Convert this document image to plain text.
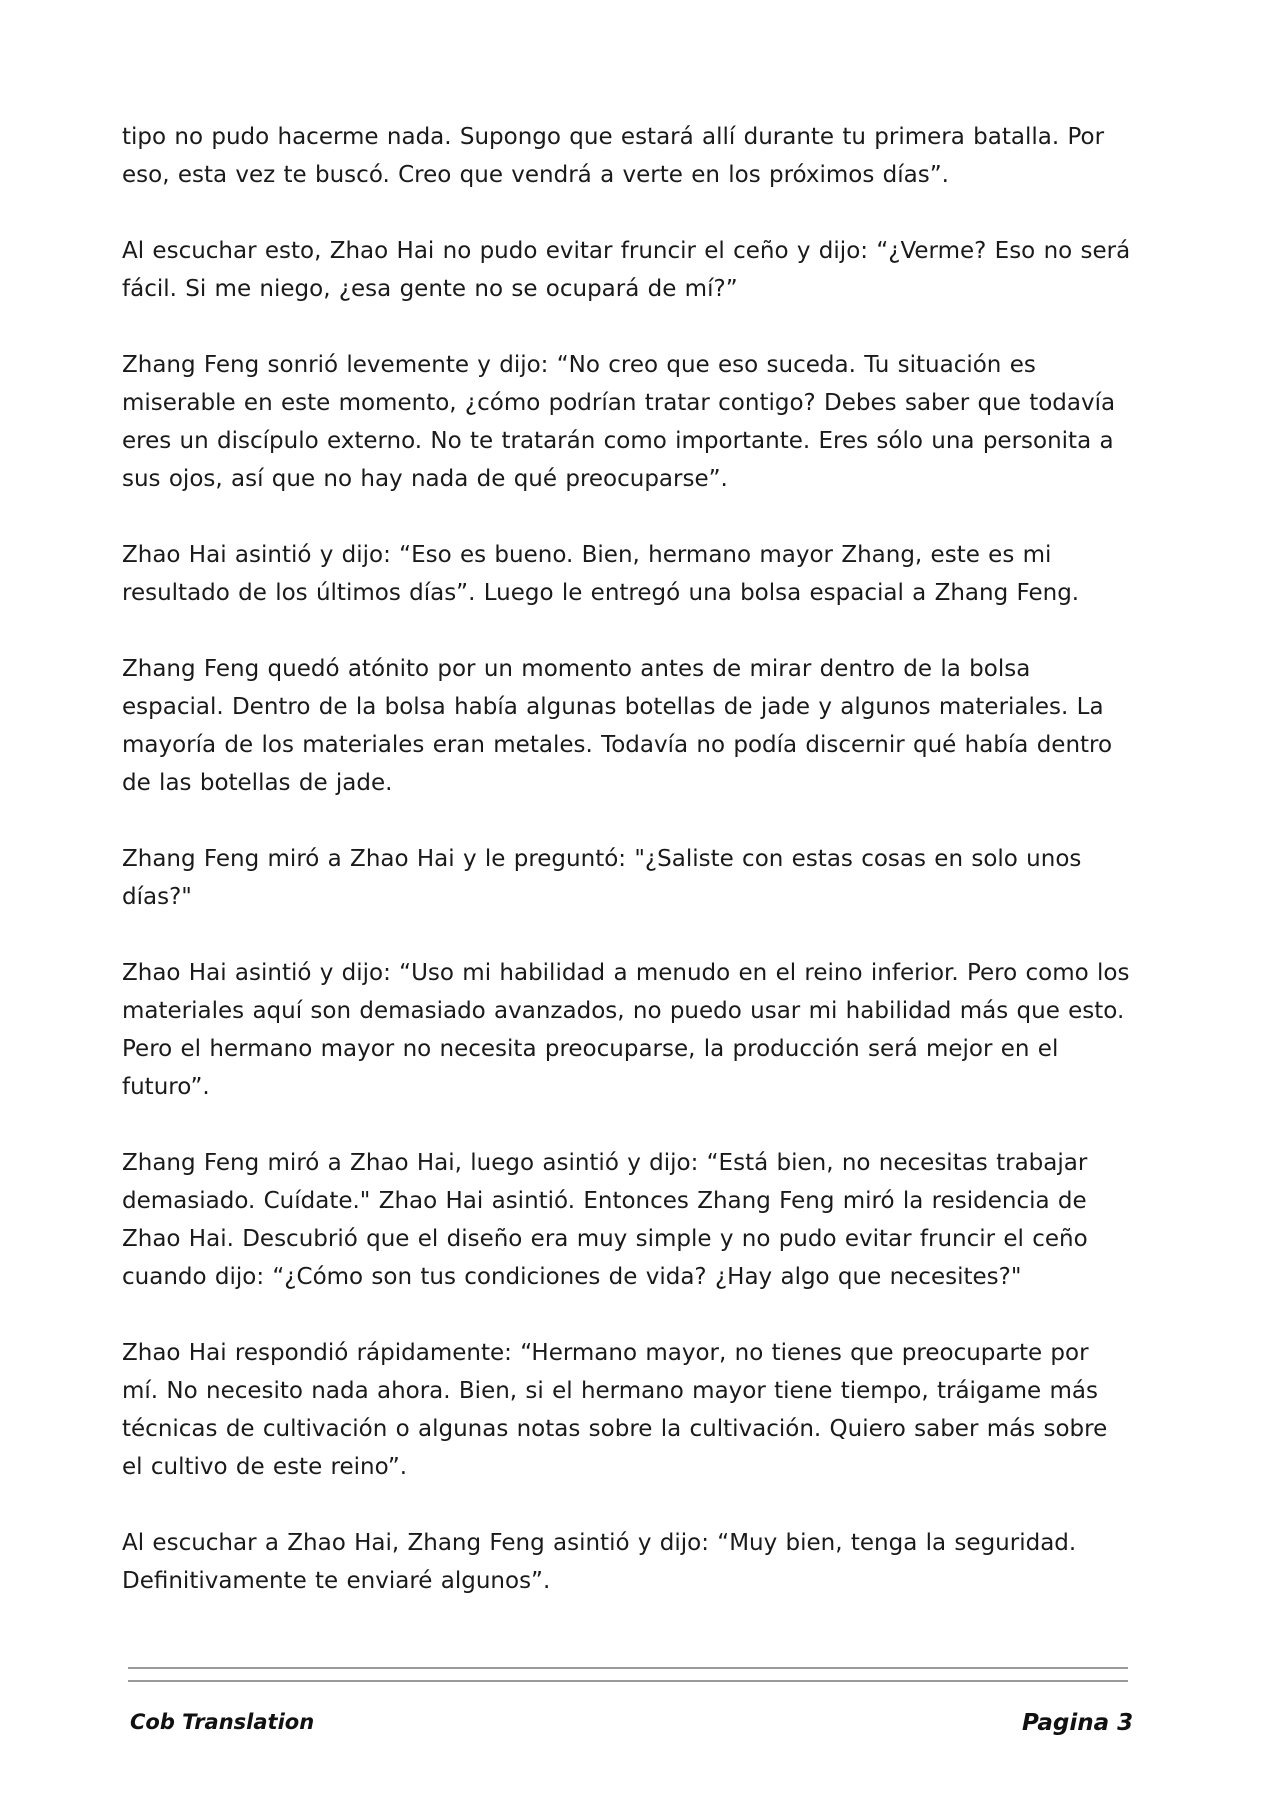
tipo no pudo hacerme nada. Supongo que estará allí durante tu primera batalla. Por eso, esta vez te buscó. Creo que vendrá a verte en los próximos días”.

Al escuchar esto, Zhao Hai no pudo evitar fruncir el ceño y dijo: “¿Verme? Eso no será fácil. Si me niego, ¿esa gente no se ocupará de mí?”

Zhang Feng sonrió levemente y dijo: “No creo que eso suceda. Tu situación es miserable en este momento, ¿cómo podrían tratar contigo? Debes saber que todavía eres un discípulo externo. No te tratarán como importante. Eres sólo una personita a sus ojos, así que no hay nada de qué preocuparse”.

Zhao Hai asintió y dijo: “Eso es bueno. Bien, hermano mayor Zhang, este es mi resultado de los últimos días”. Luego le entregó una bolsa espacial a Zhang Feng.

Zhang Feng quedó atónito por un momento antes de mirar dentro de la bolsa espacial. Dentro de la bolsa había algunas botellas de jade y algunos materiales. La mayoría de los materiales eran metales. Todavía no podía discernir qué había dentro de las botellas de jade.

Zhang Feng miró a Zhao Hai y le preguntó: "¿Saliste con estas cosas en solo unos días?"

Zhao Hai asintió y dijo: “Uso mi habilidad a menudo en el reino inferior. Pero como los materiales aquí son demasiado avanzados, no puedo usar mi habilidad más que esto. Pero el hermano mayor no necesita preocuparse, la producción será mejor en el futuro”.

Zhang Feng miró a Zhao Hai, luego asintió y dijo: “Está bien, no necesitas trabajar demasiado. Cuídate." Zhao Hai asintió. Entonces Zhang Feng miró la residencia de Zhao Hai. Descubrió que el diseño era muy simple y no pudo evitar fruncir el ceño cuando dijo: “¿Cómo son tus condiciones de vida? ¿Hay algo que necesites?"

Zhao Hai respondió rápidamente: “Hermano mayor, no tienes que preocuparte por mí. No necesito nada ahora. Bien, si el hermano mayor tiene tiempo, tráigame más técnicas de cultivación o algunas notas sobre la cultivación. Quiero saber más sobre el cultivo de este reino”.

Al escuchar a Zhao Hai, Zhang Feng asintió y dijo: “Muy bien, tenga la seguridad. Definitivamente te enviaré algunos”.

Cob Translation	Pagina 3
